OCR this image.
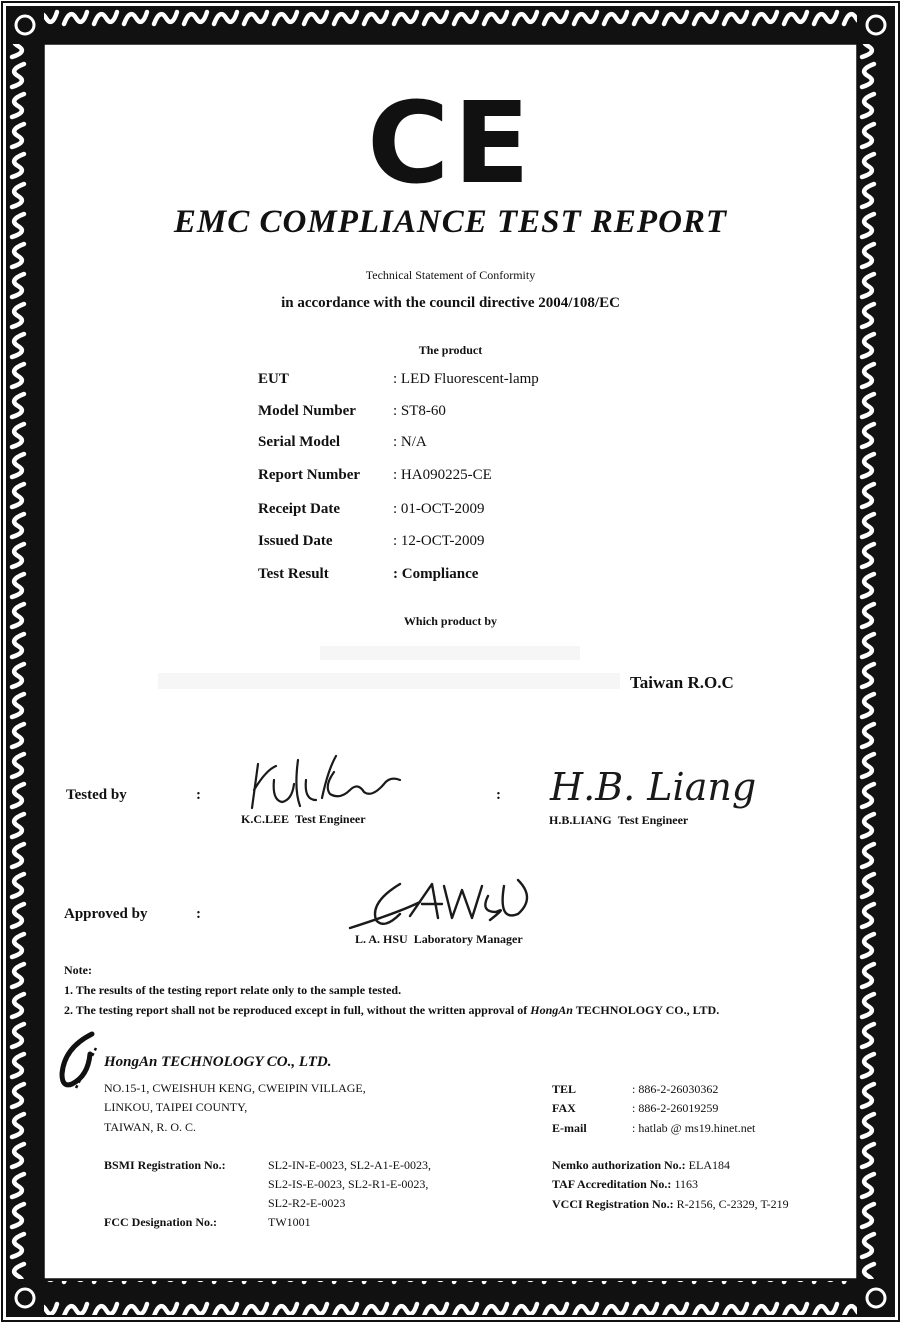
CE
EMC COMPLIANCE TEST REPORT
Technical Statement of Conformity
in accordance with the council directive 2004/108/EC
The product
EUT	: LED Fluorescent-lamp
Model Number : ST8-60
Serial Model	: N/A
Report Number : HA090225-CE
Receipt Date	: 01-OCT-2009
Issued Date	: 12-OCT-2009
Test Result	: Compliance
Which product by
Taiwan R.O.C
Tested by	:
K.C.LEE Test Engineer
: H.B. Liang
H.B.LIANG Test Engineer
Approved by	:
L. A. HSU Laboratory Manager
Note:
1. The results of the testing report relate only to the sample tested.
2. The testing report shall not be reproduced except in full, without the written approval of HongAn TECHNOLOGY CO., LTD.
HongAn TECHNOLOGY CO., LTD.
NO.15-1, CWEISHUH KENG, CWEIPIN VILLAGE,
LINKOU, TAIPEI COUNTY,
TAIWAN, R. O. C.
TEL	: 886-2-26030362
FAX	: 886-2-26019259
E-mail	: hatlab @ ms19.hinet.net
BSMI Registration No.:	SL2-IN-E-0023, SL2-A1-E-0023,
SL2-IS-E-0023, SL2-R1-E-0023,
SL2-R2-E-0023
FCC Designation No.:	TW1001
Nemko authorization No.: ELA184
TAF Accreditation No.: 1163
VCCI Registration No.: R-2156, C-2329, T-219
